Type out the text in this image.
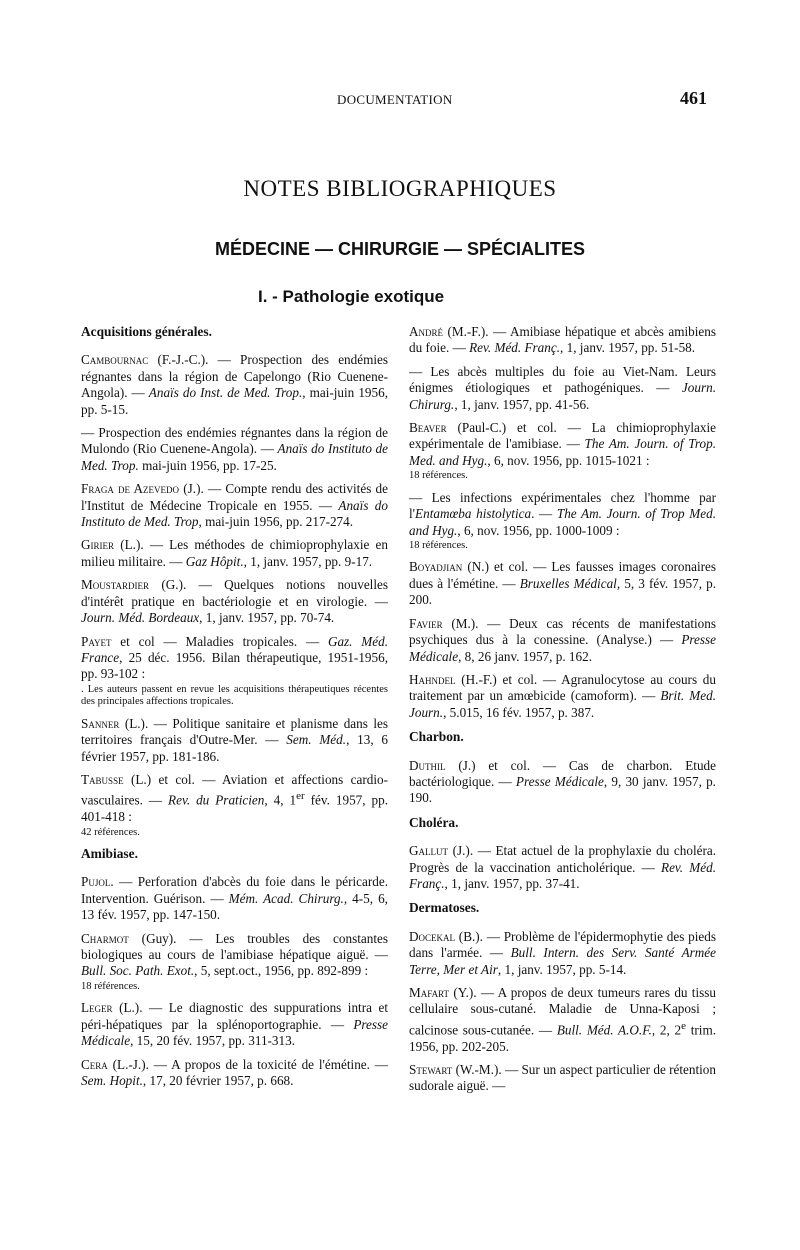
DOCUMENTATION	461
NOTES BIBLIOGRAPHIQUES
MÉDECINE — CHIRURGIE — SPÉCIALITES
I. - Pathologie exotique
Acquisitions générales.
Cambournac (F.-J.-C.). — Prospection des endémies régnantes dans la région de Capelongo (Rio Cuenene-Angola). — Anaïs do Inst. de Med. Trop., mai-juin 1956, pp. 5-15.
— Prospection des endémies régnantes dans la région de Mulondo (Rio Cuenene-Angola). — Anaïs do Instituto de Med. Trop. mai-juin 1956, pp. 17-25.
Fraga de Azevedo (J.). — Compte rendu des activités de l'Institut de Médecine Tropicale en 1955. — Anaïs do Instituto de Med. Trop, mai-juin 1956, pp. 217-274.
Girier (L.). — Les méthodes de chimioprophylaxie en milieu militaire. — Gaz Hôpit., 1, janv. 1957, pp. 9-17.
Moustardier (G.). — Quelques notions nouvelles d'intérêt pratique en bactériologie et en virologie. — Journ. Méd. Bordeaux, 1, janv. 1957, pp. 70-74.
Payet et col — Maladies tropicales. — Gaz. Méd. France, 25 déc. 1956. Bilan thérapeutique, 1951-1956, pp. 93-102 :
. Les auteurs passent en revue les acquisitions thérapeutiques récentes des principales affections tropicales.
Sanner (L.). — Politique sanitaire et planisme dans les territoires français d'Outre-Mer. — Sem. Méd., 13, 6 février 1957, pp. 181-186.
Tabusse (L.) et col. — Aviation et affections cardio-vasculaires. — Rev. du Praticien, 4, 1er fév. 1957, pp. 401-418 :
42 références.
Amibiase.
Pujol. — Perforation d'abcès du foie dans le péricarde. Intervention. Guérison. — Mém. Acad. Chirurg., 4-5, 6, 13 fév. 1957, pp. 147-150.
Charmot (Guy). — Les troubles des constantes biologiques au cours de l'amibiase hépatique aiguë. — Bull. Soc. Path. Exot., 5, sept.oct., 1956, pp. 892-899 :
18 références.
Leger (L.). — Le diagnostic des suppurations intra et péri-hépatiques par la splénoportographie. — Presse Médicale, 15, 20 fév. 1957, pp. 311-313.
Cera (L.-J.). — A propos de la toxicité de l'émétine. — Sem. Hopit., 17, 20 février 1957, p. 668.
André (M.-F.). — Amibiase hépatique et abcès amibiens du foie. — Rev. Méd. Franç., 1, janv. 1957, pp. 51-58.
— Les abcès multiples du foie au Viet-Nam. Leurs énigmes étiologiques et pathogéniques. — Journ. Chirurg., 1, janv. 1957, pp. 41-56.
Beaver (Paul-C.) et col. — La chimioprophylaxie expérimentale de l'amibiase. — The Am. Journ. of Trop. Med. and Hyg., 6, nov. 1956, pp. 1015-1021 :
18 références.
— Les infections expérimentales chez l'homme par l'Entamœba histolytica. — The Am. Journ. of Trop Med. and Hyg., 6, nov. 1956, pp. 1000-1009 :
18 références.
Boyadjian (N.) et col. — Les fausses images coronaires dues à l'émétine. — Bruxelles Médical, 5, 3 fév. 1957, p. 200.
Favier (M.). — Deux cas récents de manifestations psychiques dus à la conessine. (Analyse.) — Presse Médicale, 8, 26 janv. 1957, p. 162.
Hahndel (H.-F.) et col. — Agranulocytose au cours du traitement par un amœbicide (camoform). — Brit. Med. Journ., 5.015, 16 fév. 1957, p. 387.
Charbon.
Duthil (J.) et col. — Cas de charbon. Etude bactériologique. — Presse Médicale, 9, 30 janv. 1957, p. 190.
Choléra.
Gallut (J.). — Etat actuel de la prophylaxie du choléra. Progrès de la vaccination anticholérique. — Rev. Méd. Franç., 1, janv. 1957, pp. 37-41.
Dermatoses.
Docekal (B.). — Problème de l'épidermophytie des pieds dans l'armée. — Bull. Intern. des Serv. Santé Armée Terre, Mer et Air, 1, janv. 1957, pp. 5-14.
Mafart (Y.). — A propos de deux tumeurs rares du tissu cellulaire sous-cutané. Maladie de Unna-Kaposi ; calcinose sous-cutanée. — Bull. Méd. A.O.F., 2, 2e trim. 1956, pp. 202-205.
Stewart (W.-M.). — Sur un aspect particulier de rétention sudorale aiguë. —
